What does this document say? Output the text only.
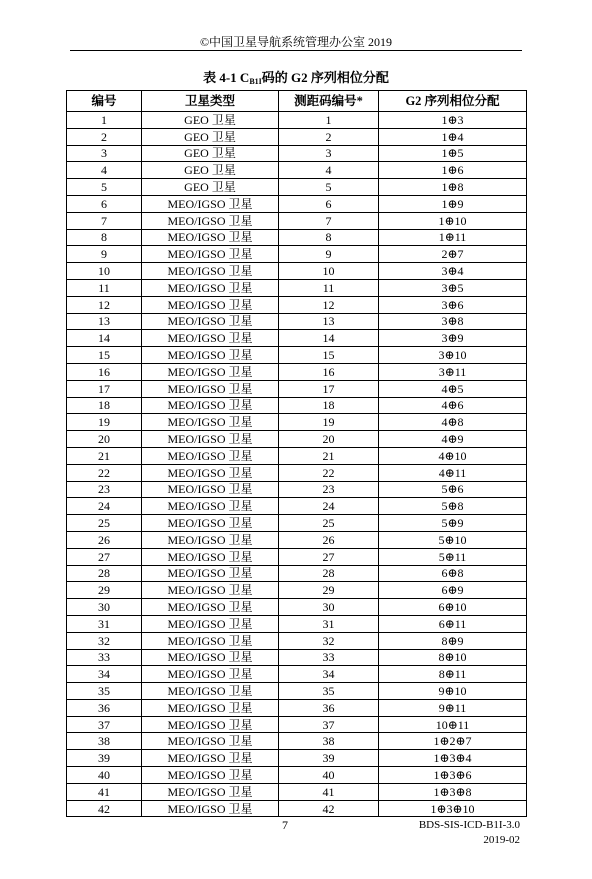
©中国卫星导航系统管理办公室 2019
表 4-1 $C_{B1I}$码的 G2 序列相位分配
编号	卫星类型	测距码编号*	G2 序列相位分配
1	GEO 卫星	1	1⊕3
2	GEO 卫星	2	1⊕4
3	GEO 卫星	3	1⊕5
4	GEO 卫星	4	1⊕6
5	GEO 卫星	5	1⊕8
6	MEO/IGSO 卫星	6	1⊕9
7	MEO/IGSO 卫星	7	1⊕10
8	MEO/IGSO 卫星	8	1⊕11
9	MEO/IGSO 卫星	9	2⊕7
10	MEO/IGSO 卫星	10	3⊕4
11	MEO/IGSO 卫星	11	3⊕5
12	MEO/IGSO 卫星	12	3⊕6
13	MEO/IGSO 卫星	13	3⊕8
14	MEO/IGSO 卫星	14	3⊕9
15	MEO/IGSO 卫星	15	3⊕10
16	MEO/IGSO 卫星	16	3⊕11
17	MEO/IGSO 卫星	17	4⊕5
18	MEO/IGSO 卫星	18	4⊕6
19	MEO/IGSO 卫星	19	4⊕8
20	MEO/IGSO 卫星	20	4⊕9
21	MEO/IGSO 卫星	21	4⊕10
22	MEO/IGSO 卫星	22	4⊕11
23	MEO/IGSO 卫星	23	5⊕6
24	MEO/IGSO 卫星	24	5⊕8
25	MEO/IGSO 卫星	25	5⊕9
26	MEO/IGSO 卫星	26	5⊕10
27	MEO/IGSO 卫星	27	5⊕11
28	MEO/IGSO 卫星	28	6⊕8
29	MEO/IGSO 卫星	29	6⊕9
30	MEO/IGSO 卫星	30	6⊕10
31	MEO/IGSO 卫星	31	6⊕11
32	MEO/IGSO 卫星	32	8⊕9
33	MEO/IGSO 卫星	33	8⊕10
34	MEO/IGSO 卫星	34	8⊕11
35	MEO/IGSO 卫星	35	9⊕10
36	MEO/IGSO 卫星	36	9⊕11
37	MEO/IGSO 卫星	37	10⊕11
38	MEO/IGSO 卫星	38	1⊕2⊕7
39	MEO/IGSO 卫星	39	1⊕3⊕4
40	MEO/IGSO 卫星	40	1⊕3⊕6
41	MEO/IGSO 卫星	41	1⊕3⊕8
42	MEO/IGSO 卫星	42	1⊕3⊕10
7	BDS-SIS-ICD-B1I-3.0
2019-02
